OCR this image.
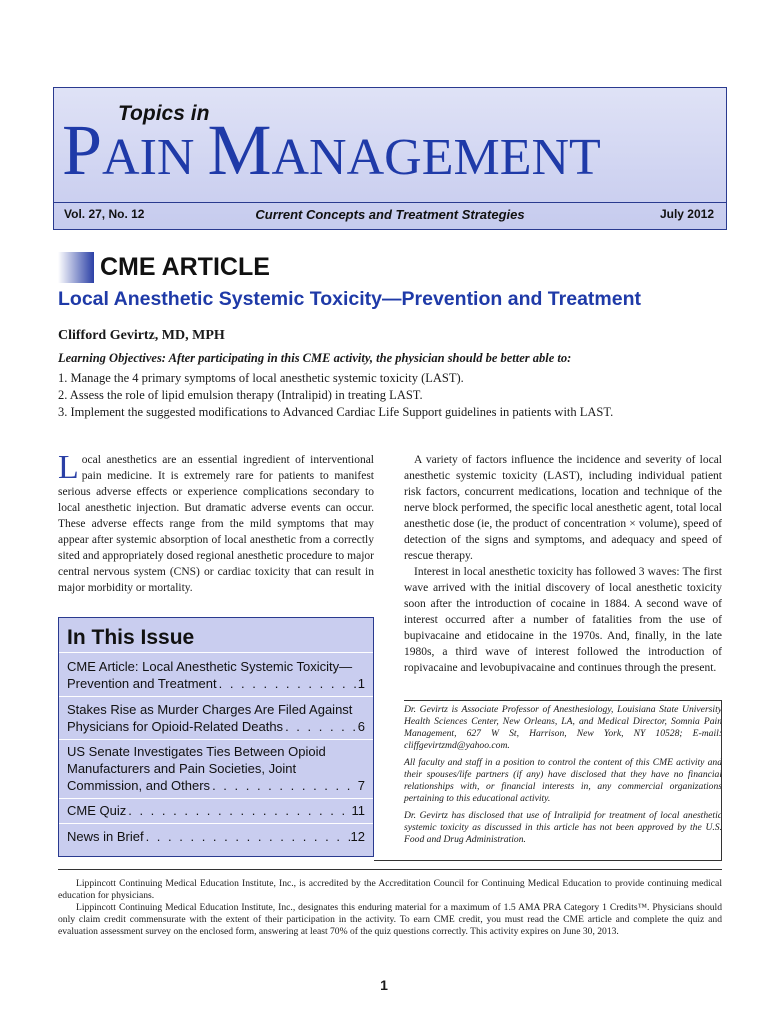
Topics in
PAIN MANAGEMENT
Vol. 27, No. 12	Current Concepts and Treatment Strategies	July 2012
CME ARTICLE
Local Anesthetic Systemic Toxicity—Prevention and Treatment
Clifford Gevirtz, MD, MPH
Learning Objectives: After participating in this CME activity, the physician should be better able to:
1. Manage the 4 primary symptoms of local anesthetic systemic toxicity (LAST).
2. Assess the role of lipid emulsion therapy (Intralipid) in treating LAST.
3. Implement the suggested modifications to Advanced Cardiac Life Support guidelines in patients with LAST.
Local anesthetics are an essential ingredient of interventional pain medicine. It is extremely rare for patients to manifest serious adverse effects or experience complications secondary to local anesthetic injection. But dramatic adverse events can occur. These adverse effects range from the mild symptoms that may appear after systemic absorption of local anesthetic from a correctly sited and appropriately dosed regional anesthetic procedure to major central nervous system (CNS) or cardiac toxicity that can result in major morbidity or mortality.
In This Issue
CME Article: Local Anesthetic Systemic Toxicity—
Prevention and Treatment . . .	1
Stakes Rise as Murder Charges Are Filed Against
Physicians for Opioid-Related Deaths . . .	6
US Senate Investigates Ties Between Opioid
Manufacturers and Pain Societies, Joint
Commission, and Others . . .	7
CME Quiz . . .	11
News in Brief . . .	12

A variety of factors influence the incidence and severity of local anesthetic systemic toxicity (LAST), including individual patient risk factors, concurrent medications, location and technique of the nerve block performed, the specific local anesthetic agent, total local anesthetic dose (ie, the product of concentration × volume), speed of detection of the signs and symptoms, and adequacy and speed of rescue therapy.

Interest in local anesthetic toxicity has followed 3 waves: The first wave arrived with the initial discovery of local anesthetic toxicity soon after the introduction of cocaine in 1884. A second wave of interest occurred after a number of fatalities from the use of bupivacaine and etidocaine in the 1970s. And, finally, in the late 1980s, a third wave of interest followed the introduction of ropivacaine and levobupivacaine and continues through the present.

Dr. Gevirtz is Associate Professor of Anesthesiology, Louisiana State University Health Sciences Center, New Orleans, LA, and Medical Director, Somnia Pain Management, 627 W St, Harrison, New York, NY 10528; E-mail: cliffgevirtzmd@yahoo.com.

All faculty and staff in a position to control the content of this CME activity and their spouses/life partners (if any) have disclosed that they have no financial relationships with, or financial interests in, any commercial organizations pertaining to this educational activity.

Dr. Gevirtz has disclosed that use of Intralipid for treatment of local anesthetic systemic toxicity as discussed in this article has not been approved by the U.S. Food and Drug Administration.

Lippincott Continuing Medical Education Institute, Inc., is accredited by the Accreditation Council for Continuing Medical Education to provide continuing medical education for physicians.

Lippincott Continuing Medical Education Institute, Inc., designates this enduring material for a maximum of 1.5 AMA PRA Category 1 Credits™. Physicians should only claim credit commensurate with the extent of their participation in the activity. To earn CME credit, you must read the CME article and complete the quiz and evaluation assessment survey on the enclosed form, answering at least 70% of the quiz questions correctly. This activity expires on June 30, 2013.

1
